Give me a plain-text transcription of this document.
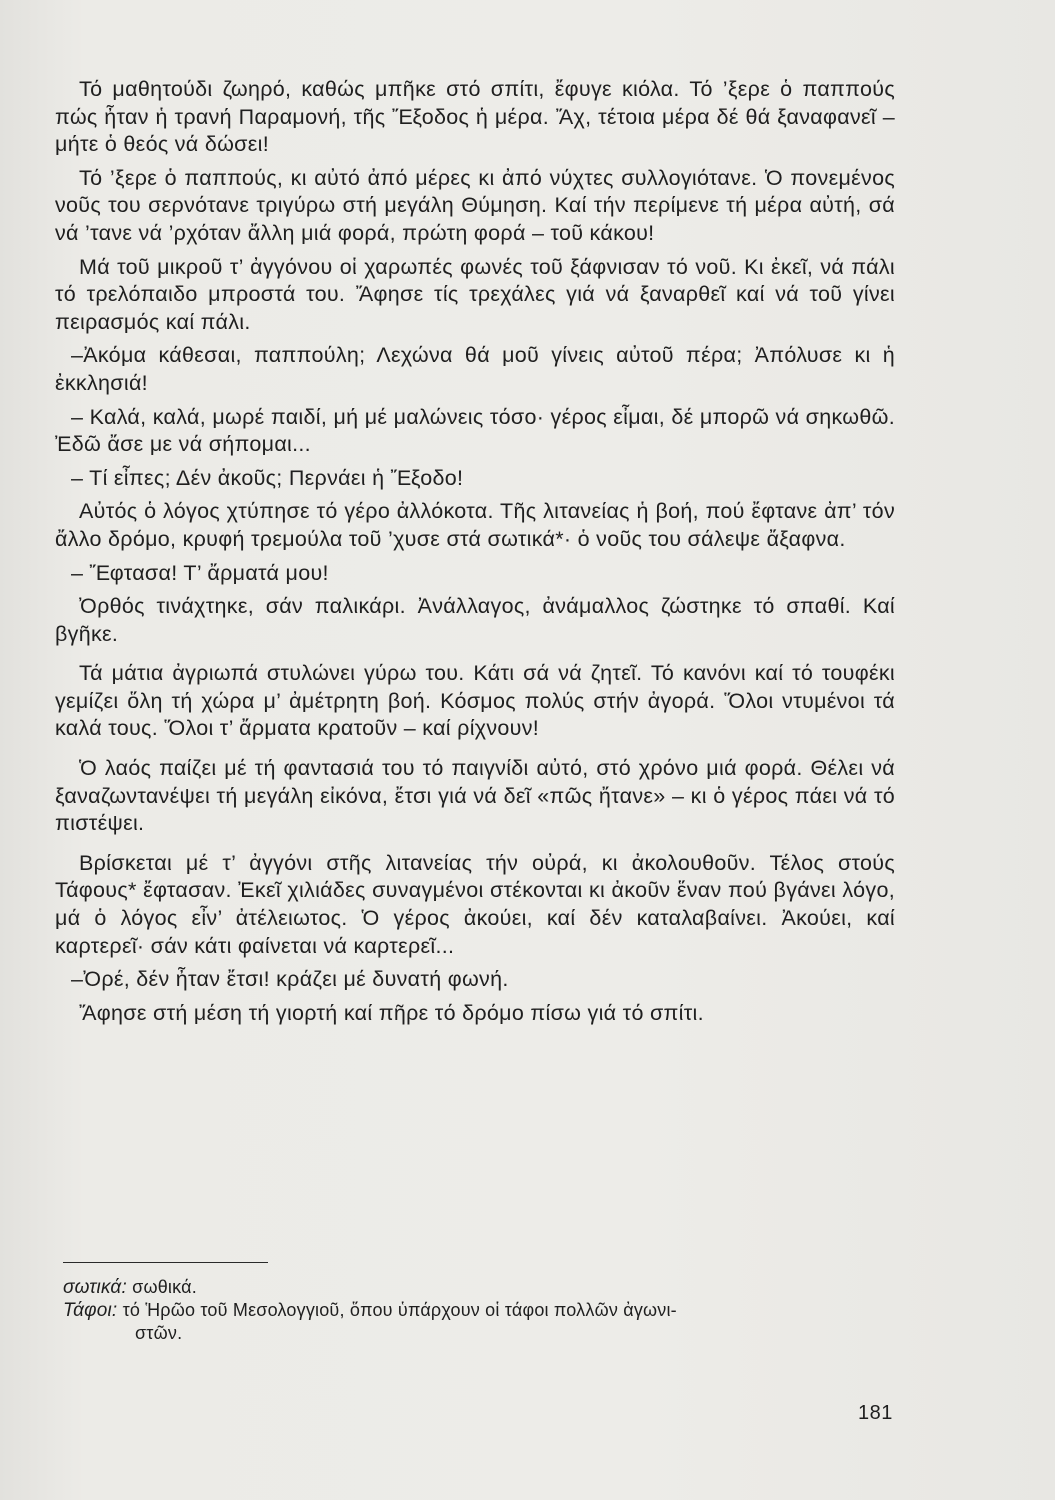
Τό μαθητούδι ζωηρό, καθώς μπῆκε στό σπίτι, ἔφυγε κιόλα. Τό ’ξερε ὁ παππούς πώς ἦταν ἡ τρανή Παραμονή, τῆς Ἔξοδος ἡ μέρα. Ἄχ, τέτοια μέρα δέ θά ξαναφανεῖ – μήτε ὁ θεός νά δώσει!

Τό ’ξερε ὁ παππούς, κι αὐτό ἀπό μέρες κι ἀπό νύχτες συλλογιότανε. Ὁ πονεμένος νοῦς του σερνότανε τριγύρω στή μεγάλη Θύμηση. Καί τήν περίμενε τή μέρα αὐτή, σά νά ’τανε νά ’ρχόταν ἄλλη μιά φορά, πρώτη φορά – τοῦ κάκου!

Μά τοῦ μικροῦ τ’ ἀγγόνου οἱ χαρωπές φωνές τοῦ ξάφνισαν τό νοῦ. Κι ἐκεῖ, νά πάλι τό τρελόπαιδο μπροστά του. Ἄφησε τίς τρεχάλες γιά νά ξαναρθεῖ καί νά τοῦ γίνει πειρασμός καί πάλι.

–Ἀκόμα κάθεσαι, παππούλη; Λεχώνα θά μοῦ γίνεις αὐτοῦ πέρα; Ἀπόλυσε κι ἡ ἐκκλησιά!

– Καλά, καλά, μωρέ παιδί, μή μέ μαλώνεις τόσο· γέρος εἶμαι, δέ μπορῶ νά σηκωθῶ. Ἐδῶ ἄσε με νά σήπομαι...

– Τί εἶπες; Δέν ἀκοῦς; Περνάει ἡ Ἔξοδο!

Αὐτός ὁ λόγος χτύπησε τό γέρο ἀλλόκοτα. Τῆς λιτανείας ἡ βοή, πού ἔφτανε ἀπ’ τόν ἄλλο δρόμο, κρυφή τρεμούλα τοῦ ’χυσε στά σωτικά*· ὁ νοῦς του σάλεψε ἄξαφνα.

– Ἔφτασα! Τ’ ἄρματά μου!

Ὀρθός τινάχτηκε, σάν παλικάρι. Ἀνάλλαγος, ἀνάμαλλος ζώστηκε τό σπαθί. Καί βγῆκε.

Τά μάτια ἀγριωπά στυλώνει γύρω του. Κάτι σά νά ζητεῖ. Τό κανόνι καί τό τουφέκι γεμίζει ὅλη τή χώρα μ’ ἀμέτρητη βοή. Κόσμος πολύς στήν ἀγορά. Ὅλοι ντυμένοι τά καλά τους. Ὅλοι τ’ ἄρματα κρατοῦν – καί ρίχνουν!

Ὁ λαός παίζει μέ τή φαντασιά του τό παιγνίδι αὐτό, στό χρόνο μιά φορά. Θέλει νά ξαναζωντανέψει τή μεγάλη εἰκόνα, ἔτσι γιά νά δεῖ «πῶς ἤτανε» – κι ὁ γέρος πάει νά τό πιστέψει.

Βρίσκεται μέ τ’ ἀγγόνι στῆς λιτανείας τήν οὐρά, κι ἀκολουθοῦν. Τέλος στούς Τάφους* ἔφτασαν. Ἐκεῖ χιλιάδες συναγμένοι στέκονται κι ἀκοῦν ἕναν πού βγάνει λόγο, μά ὁ λόγος εἶν’ ἀτέλειωτος. Ὁ γέρος ἀκούει, καί δέν καταλαβαίνει. Ἀκούει, καί καρτερεῖ· σάν κάτι φαίνεται νά καρτερεῖ...

–Ὀρέ, δέν ἦταν ἔτσι! κράζει μέ δυνατή φωνή.

Ἄφησε στή μέση τή γιορτή καί πῆρε τό δρόμο πίσω γιά τό σπίτι.

σωτικά: σωθικά.

Τάφοι: τό Ἡρῶο τοῦ Μεσολογγιοῦ, ὅπου ὑπάρχουν οἱ τάφοι πολλῶν ἀγωνι-

στῶν.

181
